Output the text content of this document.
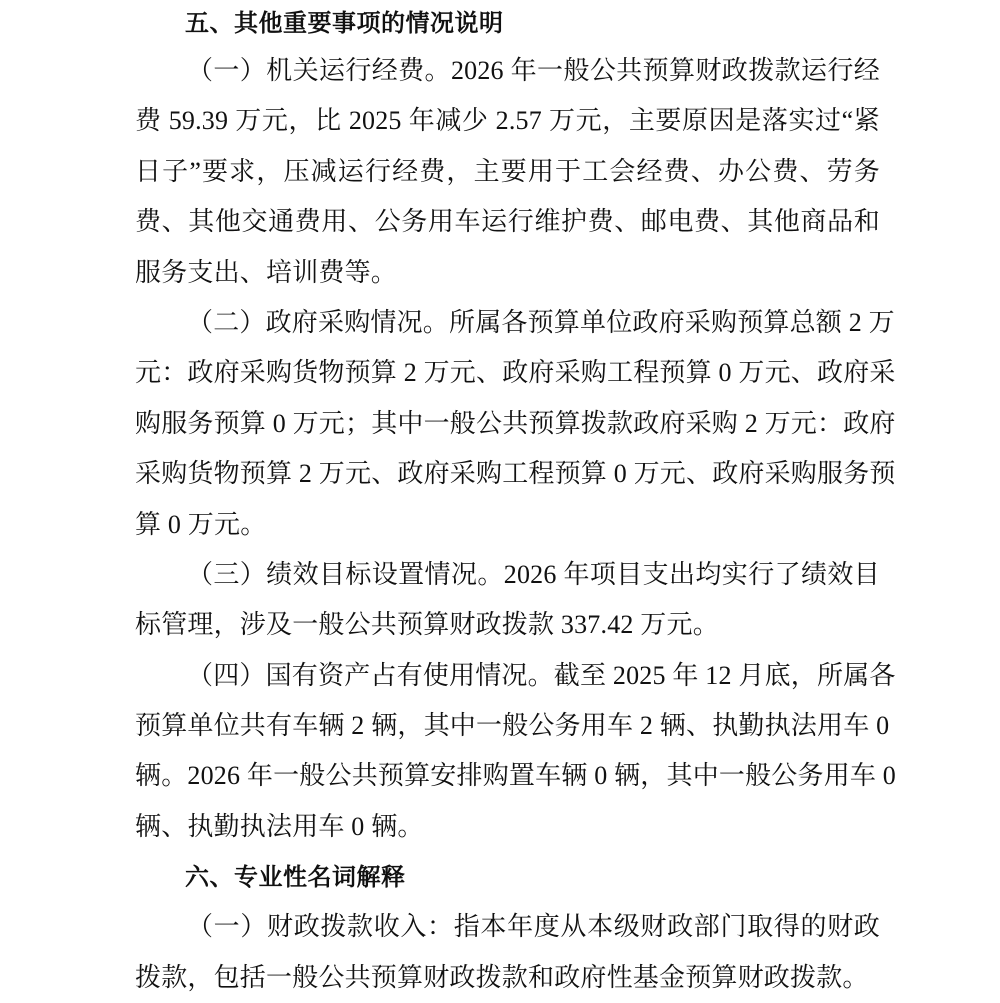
五、其他重要事项的情况说明
（一）机关运行经费。2026 年一般公共预算财政拨款运行经
费 59.39 万元，比 2025 年减少 2.57 万元，主要原因是落实过“紧
日子”要求，压减运行经费，主要用于工会经费、办公费、劳务
费、其他交通费用、公务用车运行维护费、邮电费、其他商品和
服务支出、培训费等。
（二）政府采购情况。所属各预算单位政府采购预算总额 2 万
元：政府采购货物预算 2 万元、政府采购工程预算 0 万元、政府采
购服务预算 0 万元；其中一般公共预算拨款政府采购 2 万元：政府
采购货物预算 2 万元、政府采购工程预算 0 万元、政府采购服务预
算 0 万元。
（三）绩效目标设置情况。2026 年项目支出均实行了绩效目
标管理，涉及一般公共预算财政拨款 337.42 万元。
（四）国有资产占有使用情况。截至 2025 年 12 月底，所属各
预算单位共有车辆 2 辆，其中一般公务用车 2 辆、执勤执法用车 0
辆。2026 年一般公共预算安排购置车辆 0 辆，其中一般公务用车 0
辆、执勤执法用车 0 辆。
六、专业性名词解释
（一）财政拨款收入：指本年度从本级财政部门取得的财政
拨款，包括一般公共预算财政拨款和政府性基金预算财政拨款。
